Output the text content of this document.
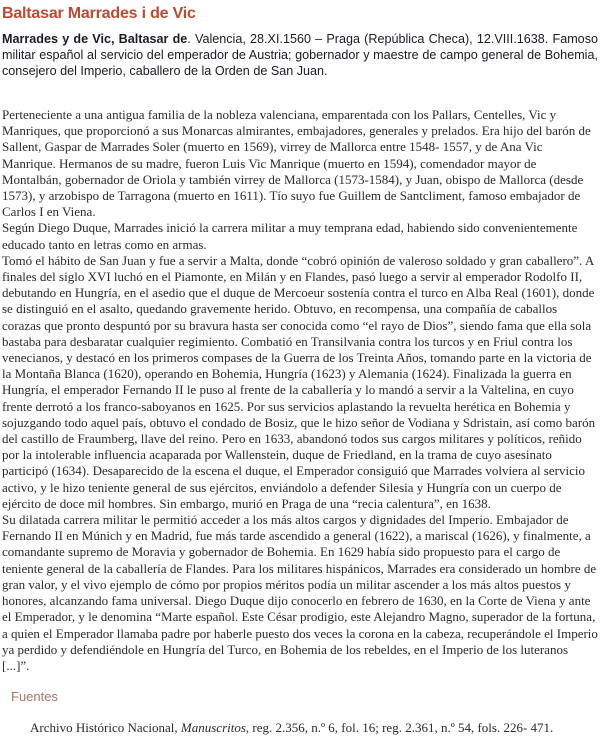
Baltasar Marrades i de Vic

Marrades y de Vic, Baltasar de. Valencia, 28.XI.1560 – Praga (República Checa), 12.VIII.1638. Famoso militar español al servicio del emperador de Austria; gobernador y maestre de campo general de Bohemia, consejero del Imperio, caballero de la Orden de San Juan.

Perteneciente a una antigua familia de la nobleza valenciana, emparentada con los Pallars, Centelles, Vic y Manriques, que proporcionó a sus Monarcas almirantes, embajadores, generales y prelados. Era hijo del barón de Sallent, Gaspar de Marrades Soler (muerto en 1569), virrey de Mallorca entre 1548- 1557, y de Ana Vic Manrique. Hermanos de su madre, fueron Luis Vic Manrique (muerto en 1594), comendador mayor de Montalbán, gobernador de Oriola y también virrey de Mallorca (1573-1584), y Juan, obispo de Mallorca (desde 1573), y arzobispo de Tarragona (muerto en 1611). Tío suyo fue Guillem de Santcliment, famoso embajador de Carlos I en Viena.

Según Diego Duque, Marrades inició la carrera militar a muy temprana edad, habiendo sido convenientemente educado tanto en letras como en armas.

Tomó el hábito de San Juan y fue a servir a Malta, donde “cobró opinión de valeroso soldado y gran caballero”. A finales del siglo XVI luchó en el Piamonte, en Milán y en Flandes, pasó luego a servir al emperador Rodolfo II, debutando en Hungría, en el asedio que el duque de Mercoeur sostenía contra el turco en Alba Real (1601), donde se distinguió en el asalto, quedando gravemente herido. Obtuvo, en recompensa, una compañía de caballos corazas que pronto despuntó por su bravura hasta ser conocida como “el rayo de Dios”, siendo fama que ella sola bastaba para desbaratar cualquier regimiento. Combatió en Transilvania contra los turcos y en Friul contra los venecianos, y destacó en los primeros compases de la Guerra de los Treinta Años, tomando parte en la victoria de la Montaña Blanca (1620), operando en Bohemia, Hungría (1623) y Alemania (1624). Finalizada la guerra en Hungría, el emperador Fernando II le puso al frente de la caballería y lo mandó a servir a la Valtelina, en cuyo frente derrotó a los franco-saboyanos en 1625. Por sus servicios aplastando la revuelta herética en Bohemia y sojuzgando todo aquel país, obtuvo el condado de Bosiz, que le hizo señor de Vodiana y Sdristain, así como barón del castillo de Fraumberg, llave del reino. Pero en 1633, abandonó todos sus cargos militares y políticos, reñido por la intolerable influencia acaparada por Wallenstein, duque de Friedland, en la trama de cuyo asesinato participó (1634). Desaparecido de la escena el duque, el Emperador consiguió que Marrades volviera al servicio activo, y le hizo teniente general de sus ejércitos, enviándolo a defender Silesia y Hungría con un cuerpo de ejército de doce mil hombres. Sin embargo, murió en Praga de una “recia calentura”, en 1638.

Su dilatada carrera militar le permitió acceder a los más altos cargos y dignidades del Imperio. Embajador de Fernando II en Múnich y en Madrid, fue más tarde ascendido a general (1622), a mariscal (1626), y finalmente, a comandante supremo de Moravia y gobernador de Bohemia. En 1629 había sido propuesto para el cargo de teniente general de la caballería de Flandes. Para los militares hispánicos, Marrades era considerado un hombre de gran valor, y el vivo ejemplo de cómo por propios méritos podía un militar ascender a los más altos puestos y honores, alcanzando fama universal. Diego Duque dijo conocerlo en febrero de 1630, en la Corte de Viena y ante el Emperador, y le denomina “Marte español. Este César prodigio, este Alejandro Magno, superador de la fortuna, a quien el Emperador llamaba padre por haberle puesto dos veces la corona en la cabeza, recuperándole el Imperio ya perdido y defendiéndole en Hungría del Turco, en Bohemia de los rebeldes, en el Imperio de los luteranos [...]”.

Fuentes

Archivo Histórico Nacional, Manuscritos, reg. 2.356, n.º 6, fol. 16; reg. 2.361, n.º 54, fols. 226- 471.
